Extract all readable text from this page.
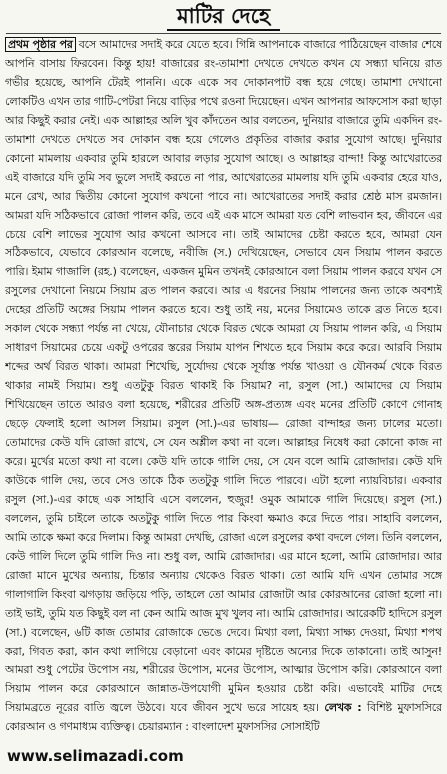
মাটির দেহে

প্রথম পৃষ্ঠার পর বসে আমাদের সদাই করে যেতে হবে। গিন্নি আপনাকে বাজারে পাঠিয়েছেন বাজার শেষে আপনি বাসায় ফিরবেন। কিন্তু হায়! বাজারের রং-তামাশা দেখতে দেখতে কখন যে সন্ধ্যা ঘনিয়ে রাত গভীর হয়েছে, আপনি টেরই পাননি। একে একে সব দোকানপাট বন্ধ হয়ে গেছে। তামাশা দেখানো লোকটিও এখন তার গাটি-পেটরা নিয়ে বাড়ির পথে রওনা দিয়েছেন। এখন আপনার আফসোস করা ছাড়া আর কিছুই করার নেই। এক আল্লাহর অলি খুব কাঁদতেন আর বলতেন, দুনিয়ার বাজারে তুমি একদিন রং-তামাশা দেখতে দেখতে সব দোকান বন্ধ হয়ে গেলেও প্রকৃতির বাজার করার সুযোগ আছে। দুনিয়ার কোনো মামলায় একবার তুমি হারলে আবার লড়ার সুযোগ আছে। ও আল্লাহর বান্দা! কিন্তু আখেরাতের এই বাজারে যদি তুমি সব ভুলে সদাই করতে না পার, আখেরাতের মামলায় যদি তুমি একবার হেরে যাও, মনে রেখ, আর দ্বিতীয় কোনো সুযোগ কখনো পাবে না। আখেরাতের সদাই করার শ্রেষ্ঠ মাস রমজান। আমরা যদি সঠিকভাবে রোজা পালন করি, তবে এই এক মাসে আমরা যত বেশি লাভবান হব, জীবনে এর চেয়ে বেশি লাভের সুযোগ আর কখনো আসবে না। তাই আমাদের চেষ্টা করতে হবে, আমরা যেন সঠিকভাবে, যেভাবে কোরআন বলেছে, নবীজি (স.) দেখিয়েছেন, সেভাবে যেন সিয়াম পালন করতে পারি। ইমাম গাজালি (রহ.) বলেছেন, একজন মুমিন তখনই কোরআনে বলা সিয়াম পালন করবে যখন সে রসুলের দেখানো নিয়মে সিয়াম ব্রত পালন করবে। আর এ ধরনের সিয়াম পালনের জন্য তাকে অবশ্যই দেহের প্রতিটি অঙ্গের সিয়াম পালন করতে হবে। শুধু তাই নয়, মনের সিয়ামেও তাকে ব্রত নিতে হবে। সকাল থেকে সন্ধ্যা পর্যন্ত না খেয়ে, যৌনাচার থেকে বিরত থেকে আমরা যে সিয়াম পালন করি, এ সিয়াম সাধারণ সিয়ামের চেয়ে একটু ওপরের স্তরের সিয়াম যাপন শিখতে হবে সিয়াম করে করে। আরবি সিয়াম শব্দের অর্থ বিরত থাকা। আমরা শিখেছি, সুর্যোদয় থেকে সূর্যাস্ত পর্যন্ত খাওয়া ও যৌনকর্ম থেকে বিরত থাকার নামই সিয়াম। শুধু এতটুকু বিরত থাকাই কি সিয়াম? না, রসুল (সা.) আমাদের যে সিয়াম শিখিয়েছেন তাতে আরও বলা হয়েছে, শরীরের প্রতিটি অঙ্গ-প্রত্যঙ্গ এবং মনের প্রতিটি কোণে গোনাহ ছেড়ে ফেলাই হলো আসল সিয়াম। রসুল (সা.)-এর ভাষায়— রোজা বান্দাহর জন্য ঢালের মতো। তোমাদের কেউ যদি রোজা রাখে, সে যেন অশ্লীল কথা না বলে। আল্লাহর নিষেধ করা কোনো কাজ না করে। মুর্খের মতো কথা না বলে। কেউ যদি তাকে গালি দেয়, সে যেন বলে আমি রোজাদার। কেউ যদি কাউকে গালি দেয়, তবে সেও তাকে ঠিক ততটুকু গালি দিতে পারবে। এটা হলো ন্যায়বিচার। একবার রসুল (সা.)-এর কাছে এক সাহাবি এসে বললেন, হুজুর! ওমুক আমাকে গালি দিয়েছে। রসুল (সা.) বললেন, তুমি চাইলে তাকে অতটুকু গালি দিতে পার কিংবা ক্ষমাও করে দিতে পার। সাহাবি বললেন, আমি তাকে ক্ষমা করে দিলাম। কিন্তু আমরা দেখছি, রোজা এলে রসুলের কথা বদলে গেল। তিনি বললেন, কেউ গালি দিলে তুমি গালি দিও না। শুধু বল, আমি রোজাদার। এর মানে হলো, আমি রোজাদার। আর রোজা মানে মুখের অন্যায়, চিন্তার অন্যায় থেকেও বিরত থাকা। তো আমি যদি এখন তোমার সঙ্গে গালাগালি কিংবা ঝগড়ায় জড়িয়ে পড়ি, তাহলে তো আমার রোজাটা আর কোরআনের রোজা হলো না। তাই ভাই, তুমি যত কিছুই বল না কেন আমি আজ মুখ খুলব না। আমি রোজাদার। আরেকটি হাদিসে রসুল (সা.) বলেছেন, ৬টি কাজ তোমার রোজাকে ভেঙে দেবে। মিথ্যা বলা, মিথ্যা সাক্ষ্য দেওয়া, মিথ্যা শপথ করা, গিবত করা, কান কথা লাগিয়ে বেড়ানো এবং কামের দৃষ্টিতে অন্যের দিকে তাকানো। তাই আসুন! আমরা শুধু পেটের উপোস নয়, শরীরের উপোস, মনের উপোস, আত্মার উপোস করি। কোরআনে বলা সিয়াম পালন করে কোরআনে জান্নাত-উপযোগী মুমিন হওয়ার চেষ্টা করি। এভাবেই মাটির দেহে সিয়ামব্রতে নূরের বাতি জ্বলে উঠবে। যবে জীবন সুখে ভরে সায়েহ হয়। লেখক : বিশিষ্ট মুফাসসিরে কোরআন ও গণমাধ্যম ব্যক্তিত্ব। চেয়ারম্যান : বাংলাদেশ মুফাসসির সোসাইটি

www.selimazadi.com
